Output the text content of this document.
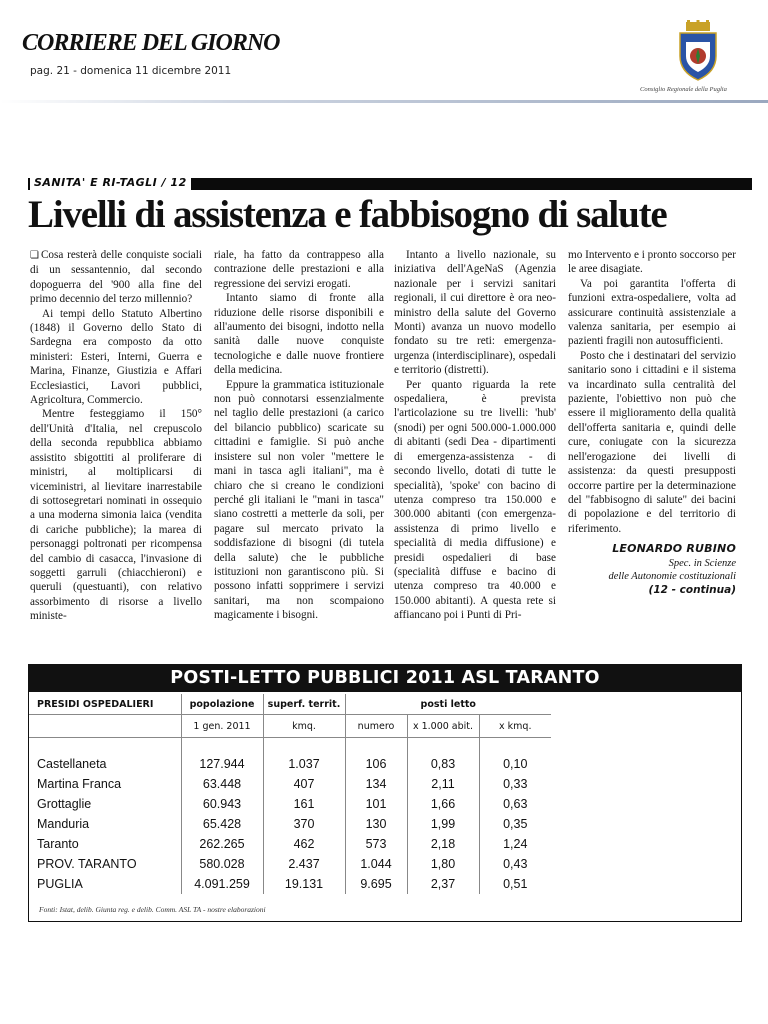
CORRIERE DEL GIORNO
pag. 21 - domenica 11 dicembre 2011
Consiglio Regionale della Puglia
SANITA' E RI-TAGLI / 12
Livelli di assistenza e fabbisogno di salute

❏ Cosa resterà delle conquiste sociali di un sessantennio, dal secondo dopoguerra del '900 alla fine del primo decennio del terzo millennio?

Ai tempi dello Statuto Albertino (1848) il Governo dello Stato di Sardegna era composto da otto ministeri: Esteri, Interni, Guerra e Marina, Finanze, Giustizia e Affari Ecclesiastici, Lavori pubblici, Agricoltura, Commercio.

Mentre festeggiamo il 150° dell'Unità d'Italia, nel crepuscolo della seconda repubblica abbiamo assistito sbigottiti al proliferare di ministri, al moltiplicarsi di viceministri, al lievitare inarrestabile di sottosegretari nominati in ossequio a una moderna simonia laica (vendita di cariche pubbliche); la marea di personaggi poltronati per ricompensa del cambio di casacca, l'invasione di soggetti garruli (chiacchieroni) e queruli (questuanti), con relativo assorbimento di risorse a livello ministe-

riale, ha fatto da contrappeso alla contrazione delle prestazioni e alla regressione dei servizi erogati.

Intanto siamo di fronte alla riduzione delle risorse disponibili e all'aumento dei bisogni, indotto nella sanità dalle nuove conquiste tecnologiche e dalle nuove frontiere della medicina.

Eppure la grammatica istituzionale non può connotarsi essenzialmente nel taglio delle prestazioni (a carico del bilancio pubblico) scaricate su cittadini e famiglie. Si può anche insistere sul non voler "mettere le mani in tasca agli italiani", ma è chiaro che si creano le condizioni perché gli italiani le "mani in tasca" siano costretti a metterle da soli, per pagare sul mercato privato la soddisfazione di bisogni (di tutela della salute) che le pubbliche istituzioni non garantiscono più. Si possono infatti sopprimere i servizi sanitari, ma non scompaiono magicamente i bisogni.

Intanto a livello nazionale, su iniziativa dell'AgeNaS (Agenzia nazionale per i servizi sanitari regionali, il cui direttore è ora neo-ministro della salute del Governo Monti) avanza un nuovo modello fondato su tre reti: emergenza-urgenza (interdisciplinare), ospedali e territorio (distretti).

Per quanto riguarda la rete ospedaliera, è prevista l'articolazione su tre livelli: 'hub' (snodi) per ogni 500.000-1.000.000 di abitanti (sedi Dea - dipartimenti di emergenza-assistenza - di secondo livello, dotati di tutte le specialità), 'spoke' con bacino di utenza compreso tra 150.000 e 300.000 abitanti (con emergenza-assistenza di primo livello e specialità di media diffusione) e presidi ospedalieri di base (specialità diffuse e bacino di utenza compreso tra 40.000 e 150.000 abitanti). A questa rete si affiancano poi i Punti di Pri-

mo Intervento e i pronto soccorso per le aree disagiate.

Va poi garantita l'offerta di funzioni extra-ospedaliere, volta ad assicurare continuità assistenziale a valenza sanitaria, per esempio ai pazienti fragili non autosufficienti.

Posto che i destinatari del servizio sanitario sono i cittadini e il sistema va incardinato sulla centralità del paziente, l'obiettivo non può che essere il miglioramento della qualità dell'offerta sanitaria e, quindi delle cure, coniugate con la sicurezza nell'erogazione dei livelli di assistenza: da questi presupposti occorre partire per la determinazione del "fabbisogno di salute" dei bacini di popolazione e del territorio di riferimento.

LEONARDO RUBINO
Spec. in Scienze
delle Autonomie costituzionali
(12 - continua)
POSTI-LETTO PUBBLICI 2011 ASL TARANTO
PRESIDI OSPEDALIERI	popolazione	superf. territ.	posti letto			
	1 gen. 2011	kmq.	numero	x 1.000 abit.	x kmq.	

Castellaneta	127.944	1.037	106	0,83	0,10	
Martina Franca	63.448	407	134	2,11	0,33	
Grottaglie	60.943	161	101	1,66	0,63	
Manduria	65.428	370	130	1,99	0,35	
Taranto	262.265	462	573	2,18	1,24	
PROV. TARANTO	580.028	2.437	1.044	1,80	0,43	
PUGLIA	4.091.259	19.131	9.695	2,37	0,51	
Fonti: Istat, delib. Giunta reg. e delib. Comm. ASL TA - nostre elaborazioni
